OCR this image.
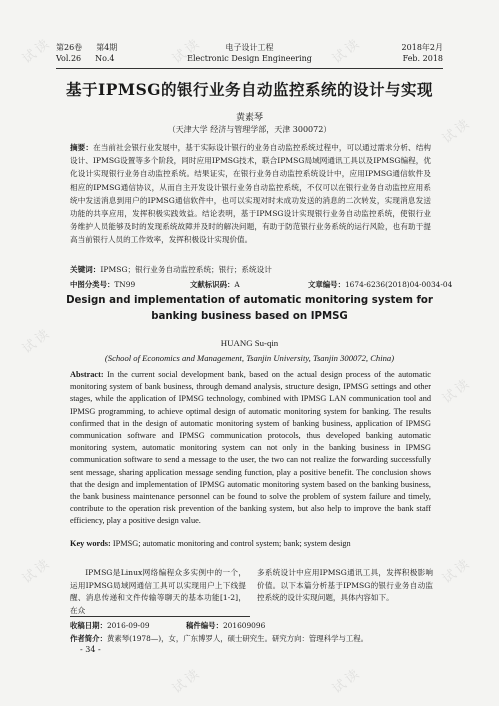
试读	试读	试读
试读
试读
试读
试读	试读
试读	试读
第26卷 第4期
Vol.26 No.4
电子设计工程
Electronic Design Engineering
2018年2月
Feb. 2018
基于IPMSG的银行业务自动监控系统的设计与实现
黄素琴
（天津大学 经济与管理学部，天津 300072）
摘要：在当前社会银行业发展中，基于实际设计银行的业务自动监控系统过程中，可以通过需求分析、结构设计、IPMSG设置等多个阶段，同时应用IPMSG技术，联合IPMSG局域网通讯工具以及IPMSG编程，优化设计实现银行业务自动监控系统。结果证实，在银行业务自动监控系统设计中，应用IPMSG通信软件及相应的IPMSG通信协议，从而自主开发设计银行业务自动监控系统，不仅可以在银行业务自动监控应用系统中发送消息到用户的IPMSG通信软件中，也可以实现对时未成功发送的消息的二次转发，实现消息发送功能的共享应用，发挥积极实践效益。结论表明，基于IPMSG设计实现银行业务自动监控系统，使银行业务维护人员能够及时的发现系统故障并及时的解决问题，有助于防范银行业务系统的运行风险，也有助于提高当前银行人员的工作效率，发挥积极设计实现价值。
关键词：IPMSG；银行业务自动监控系统；银行；系统设计
中图分类号：TN99	文献标识码：A	文章编号：1674-6236(2018)04-0034-04
Design and implementation of automatic monitoring system for banking business based on IPMSG
HUANG Su-qin
(School of Economics and Management, Tsanjin University, Tsanjin 300072, China)
Abstract: In the current social development bank, based on the actual design process of the automatic monitoring system of bank business, through demand analysis, structure design, IPMSG settings and other stages, while the application of IPMSG technology, combined with IPMSG LAN communication tool and IPMSG programming, to achieve optimal design of automatic monitoring system for banking. The results confirmed that in the design of automatic monitoring system of banking business, application of IPMSG communication software and IPMSG communication protocols, thus developed banking automatic monitoring system, automatic monitoring system can not only in the banking business in IPMSG communication software to send a message to the user, the two can not realize the forwarding successfully sent message, sharing application message sending function, play a positive benefit. The conclusion shows that the design and implementation of IPMSG automatic monitoring system based on the banking business, the bank business maintenance personnel can be found to solve the problem of system failure and timely, contribute to the operation risk prevention of the banking system, but also help to improve the bank staff efficiency, play a positive design value.
Key words: IPMSG; automatic monitoring and control system; bank; system design
IPMSG是Linux网络编程众多实例中的一个，运用IPMSG局域网通信工具可以实现用户上下线提醒、消息传递和文件传输等聊天的基本功能[1-2]，在众
多系统设计中应用IPMSG通讯工具，发挥积极影响价值。以下本篇分析基于IPMSG的银行业务自动监控系统的设计实现问题，具体内容如下。
收稿日期：2016-09-09	稿件编号：201609096
作者简介：黄素琴(1978—)，女，广东博罗人，硕士研究生。研究方向：管理科学与工程。
- 34 -
